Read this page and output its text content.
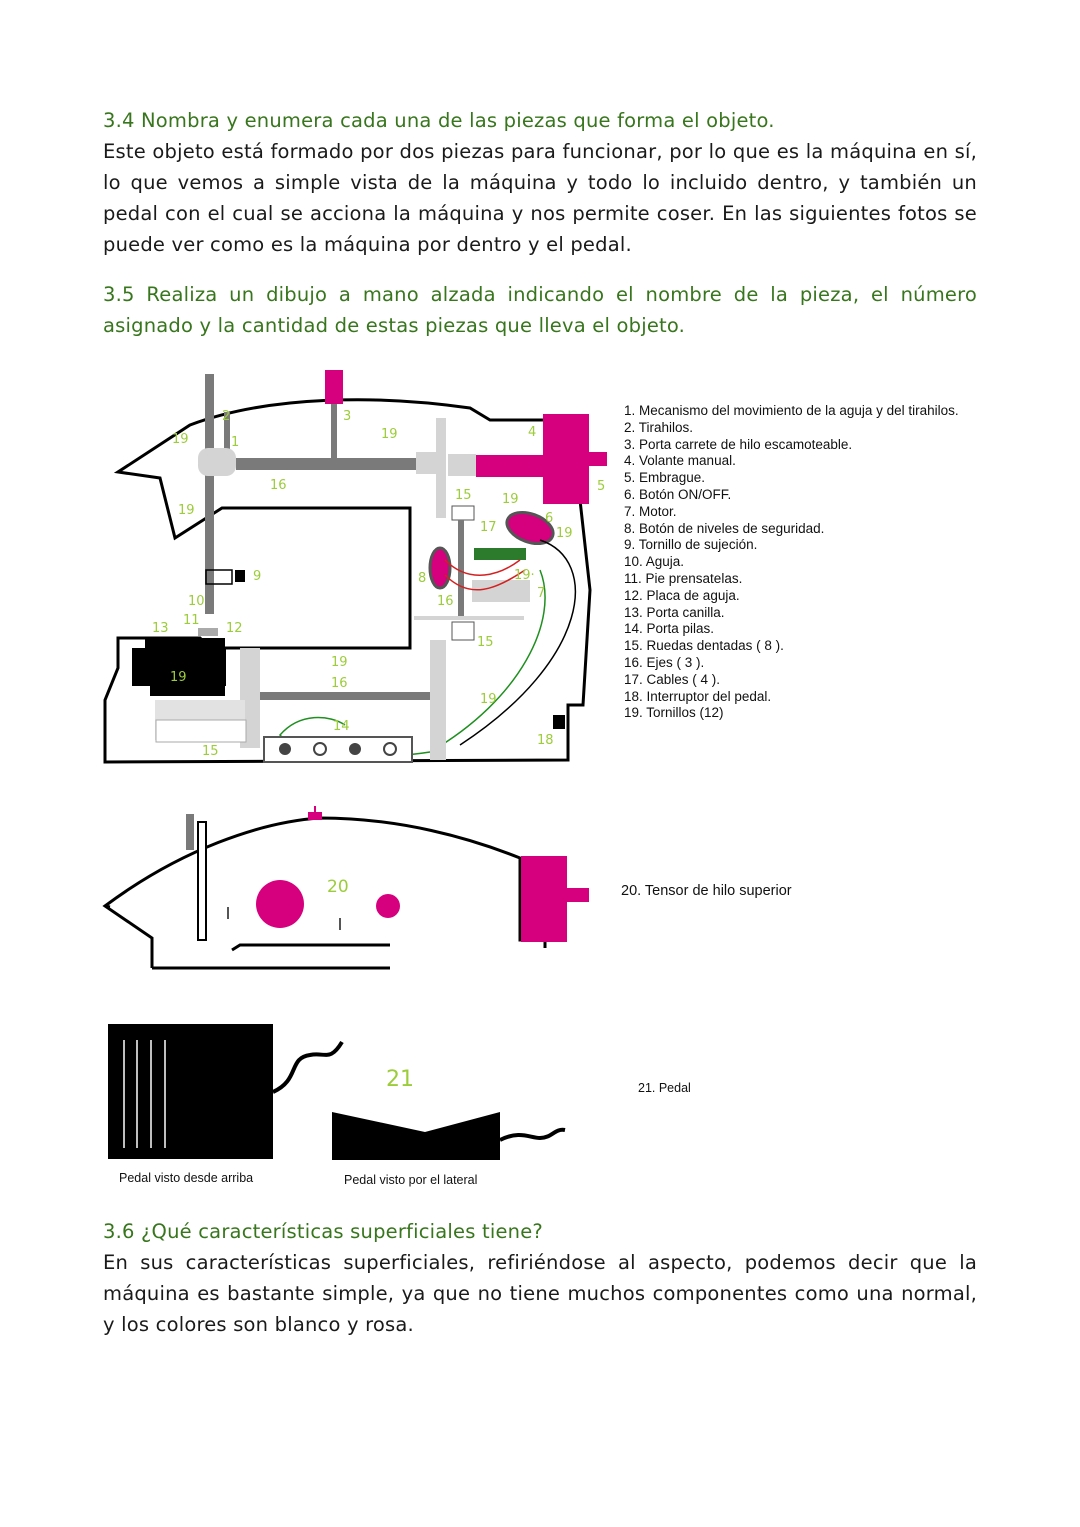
3.4 Nombra y enumera cada una de las piezas que forma el objeto.

Este objeto está formado por dos piezas para funcionar, por lo que es la máquina en sí, lo que vemos a simple vista de la máquina y todo lo incluido dentro, y también un pedal con el cual se acciona la máquina y nos permite coser. En las siguientes fotos se puede ver como es la máquina por dentro y el pedal.

3.5 Realiza un dibujo a mano alzada indicando el nombre de la pieza, el número asignado y la cantidad de estas piezas que lleva el objeto.

19	1
2	3
4
5
6
7
8
9
10
11
12
13
14
15
15
15
16
16
16
17
18
19
19
19
19·
19
19
19
19
1. Mecanismo del movimiento de la aguja y del tirahilos.
2. Tirahilos.
3. Porta carrete de hilo escamoteable.
4. Volante manual.
5. Embrague.
6. Botón ON/OFF.
7. Motor.
8. Botón de niveles de seguridad.
9. Tornillo de sujeción.
10. Aguja.
11. Pie prensatelas.
12. Placa de aguja.
13. Porta canilla.
14. Porta pilas.
15. Ruedas dentadas ( 8 ).
16. Ejes ( 3 ).
17. Cables ( 4 ).
18. Interruptor del pedal.
19. Tornillos (12)
20	20. Tensor de hilo superior
21	21. Pedal
Pedal visto desde arriba	Pedal visto por el lateral

3.6 ¿Qué características superficiales tiene?

En sus características superficiales, refiriéndose al aspecto, podemos decir que la máquina es bastante simple, ya que no tiene muchos componentes como una normal, y los colores son blanco y rosa.
